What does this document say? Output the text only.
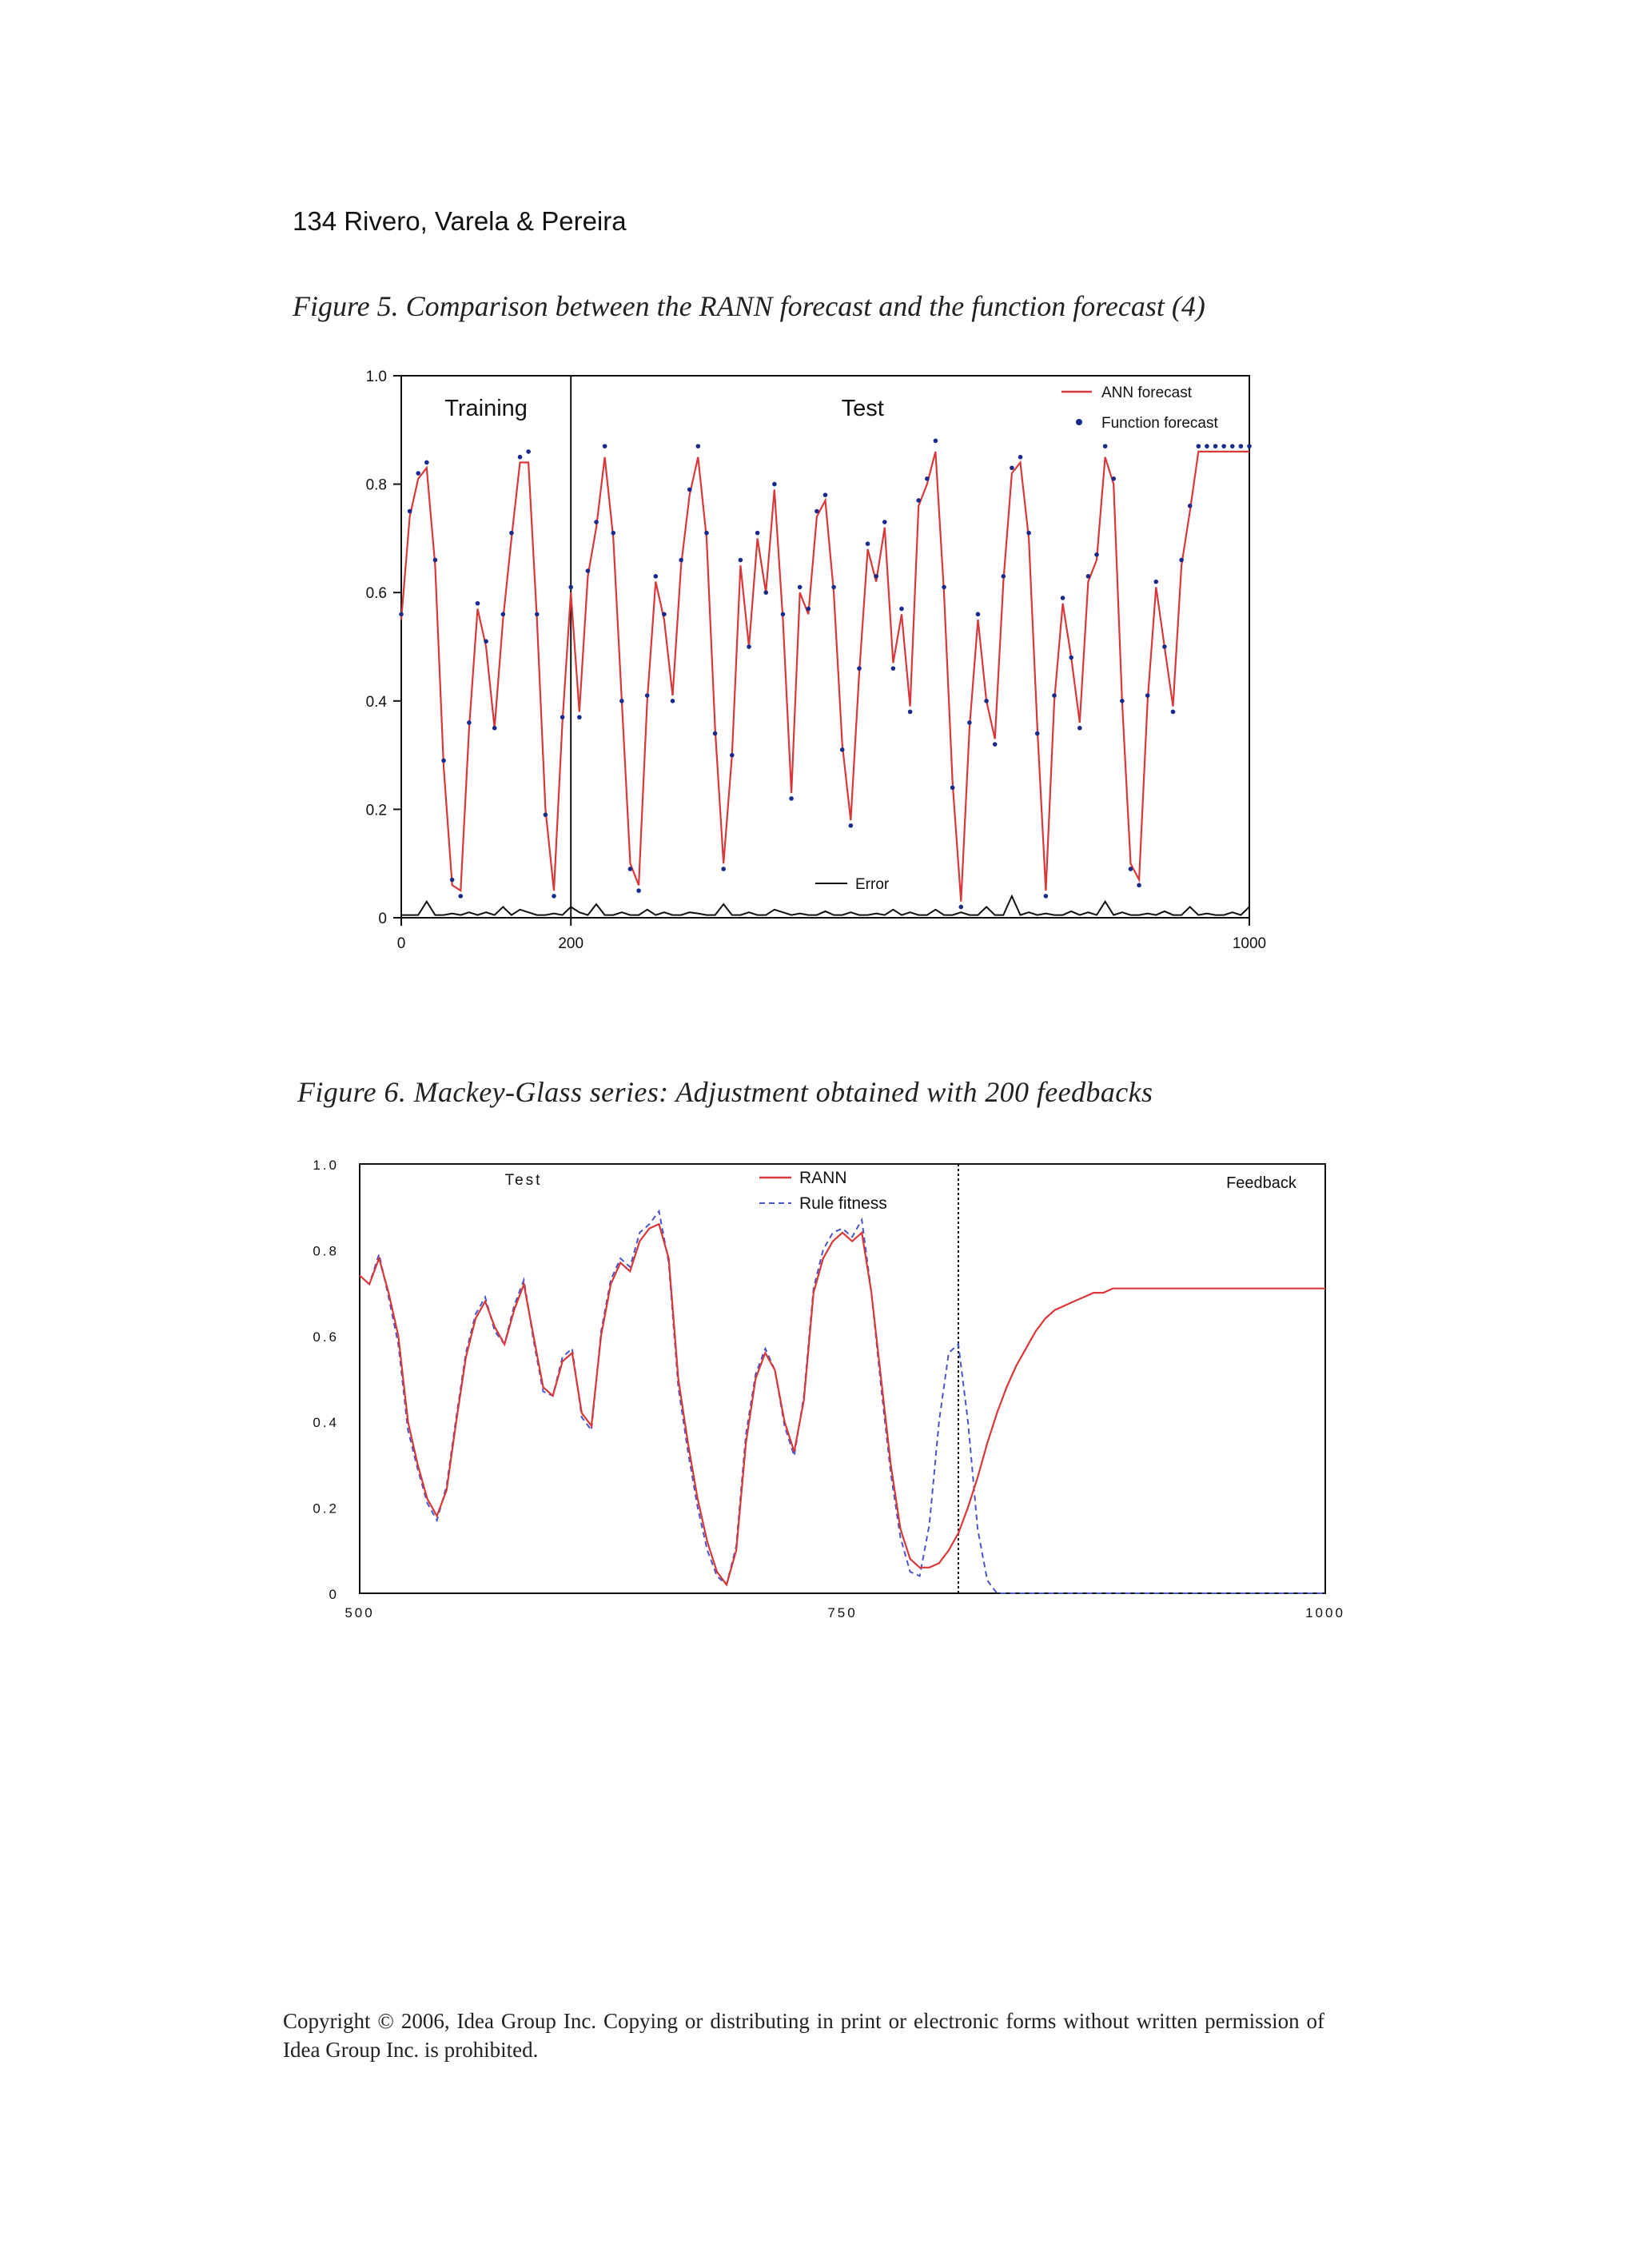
134 Rivero, Varela & Pereira
Figure 5. Comparison between the RANN forecast and the function forecast (4)
0
0.2
0.4
0.6
0.8
1.0
0	200	1000
Training	Test
ANN forecast
Function forecast
Error
Figure 6. Mackey-Glass series: Adjustment obtained with 200 feedbacks
0
0.2
0.4
0.6
0.8
1.0
500	750	1000
Test	Feedback
RANN
Rule fitness
Copyright © 2006, Idea Group Inc. Copying or distributing in print or electronic forms without written permission of Idea Group Inc. is prohibited.
